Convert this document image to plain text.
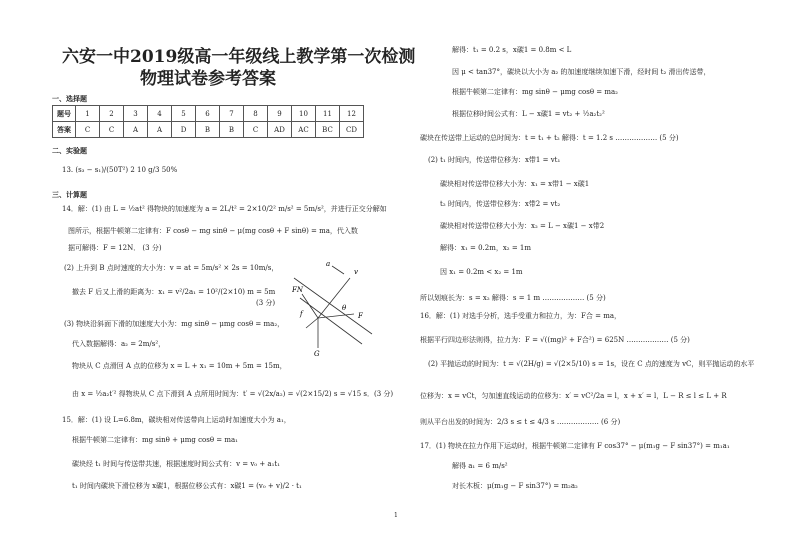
六安一中2019级高一年级线上教学第一次检测
物理试卷参考答案
一、选择题
题号	1	2	3	4	5	6	7	8	9	10	11	12
答案	C	C	A	A	D	B	B	C	AD	AC	BC	CD
二、实验题
13. (s₃ − s₁)/(50T²) 2 10 g/3 50%
三、计算题
14．解：(1) 由 L = ½at² 得物块的加速度为 a = 2L/t² = 2×10/2² m/s² = 5m/s²，并进行正交分解如
图所示，根据牛顿第二定律有：F cosθ − mg sinθ − μ(mg cosθ + F sinθ) = ma，代入数
据可解得：F = 12N． (3 分)
(2) 上升到 B 点时速度的大小为：v = at = 5m/s² × 2s = 10m/s，
撤去 F 后又上滑的距离为：x₁ = v²/2a₁ = 10²/(2×10) m = 5m
(3 分)
(3) 物块沿斜面下滑的加速度大小为：mg sinθ − μmg cosθ = ma₂，
代入数据解得：a₂ = 2m/s²，
物块从 C 点滑回 A 点的位移为 x = L + x₁ = 10m + 5m = 15m，
由 x = ½a₂t′² 得物块从 C 点下滑到 A 点所用时间为：t′ = √(2x/a₂) = √(2×15/2) s = √15 s．(3 分)
15．解：(1) 设 L=6.8m，碳块相对传送带向上运动时加速度大小为 a₁，
根据牛顿第二定律有：mg sinθ + μmg cosθ = ma₁
碳块经 t₁ 时间与传送带共速，根据速度时间公式有：v = v₀ + a₁t₁
t₁ 时间内碳块下滑位移为 x碳1，根据位移公式有：x碳1 = (v₀ + v)/2 · t₁
a
v
FN
f
θ
F
G
解得：t₁ = 0.2 s，x碳1 = 0.8m < L
因 μ < tan37°，碳块以大小为 a₂ 的加速度继续加速下滑，经时间 t₂ 滑出传送带，
根据牛顿第二定律有：mg sinθ − μmg cosθ = ma₂
根据位移时间公式有：L − x碳1 = vt₂ + ½a₂t₂²
碳块在传送带上运动的总时间为：t = t₁ + t₂ 解得：t = 1.2 s ……………… (5 分)
(2) t₁ 时间内，传送带位移为：x带1 = vt₁
碳块相对传送带位移大小为：x₁ = x带1 − x碳1
t₂ 时间内，传送带位移为：x带2 = vt₂
碳块相对传送带位移大小为：x₂ = L − x碳1 − x带2
解得：x₁ = 0.2m，x₂ = 1m
因 x₁ = 0.2m < x₂ = 1m
所以划痕长为：s = x₂ 解得：s = 1 m ……………… (5 分)
16．解：(1) 对选手分析，选手受重力和拉力，为：F合 = ma，
根据平行四边形法则得，拉力为：F = √((mg)² + F合²) = 625N ……………… (5 分)
(2) 平抛运动的时间为：t = √(2H/g) = √(2×5/10) s = 1s，设在 C 点的速度为 vC，则平抛运动的水平
位移为：x = vCt，匀加速直线运动的位移为：x′ = vC²/2a = l，x + x′ = l，L − R ≤ l ≤ L + R
则从平台出发的时间为：2/3 s ≤ t ≤ 4/3 s ……………… (6 分)
17．(1) 物块在拉力作用下运动时，根据牛顿第二定律有 F cos37° − μ(m₁g − F sin37°) = m₁a₁
解得 a₁ = 6 m/s²
对长木板：μ(m₁g − F sin37°) = m₂a₂
1
